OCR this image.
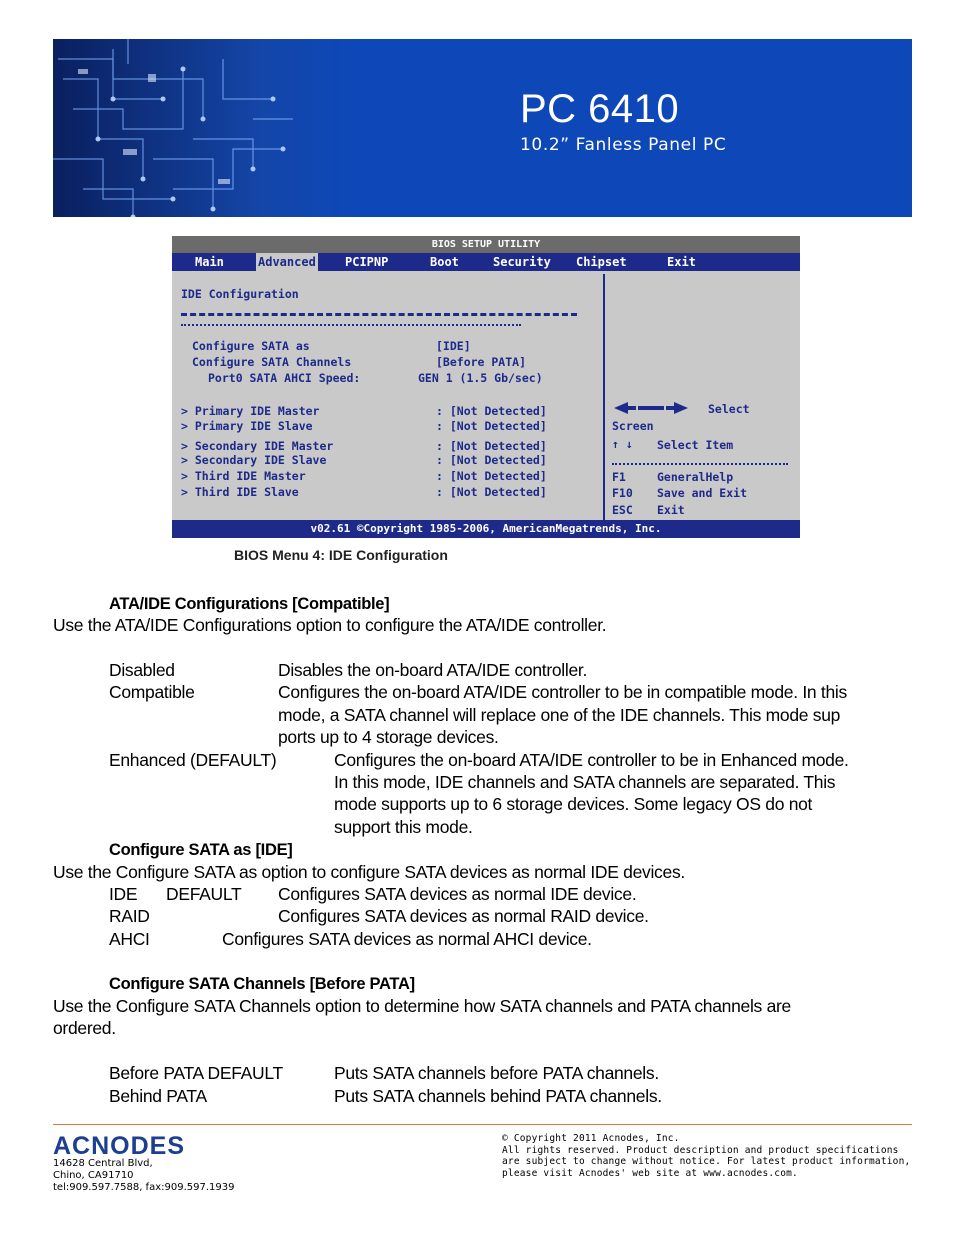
PC 6410
10.2” Fanless Panel PC
BIOS SETUP UTILITY
Main	Advanced PCIPNP	Boot	Security Chipset	Exit
IDE Configuration
Configure SATA as	[IDE]
Configure SATA Channels	[Before PATA]
Port0 SATA AHCI Speed:	GEN 1 (1.5 Gb/sec)
> Primary IDE Master	: [Not Detected]
> Primary IDE Slave	: [Not Detected]
> Secondary IDE Master	: [Not Detected]
> Secondary IDE Slave	: [Not Detected]
> Third IDE Master	: [Not Detected]
> Third IDE Slave	: [Not Detected]
Select
Screen
↑ ↓ Select Item
F1	GeneralHelp
F10 Save and Exit
ESC Exit
v02.61 ©Copyright 1985-2006, AmericanMegatrends, Inc.
BIOS Menu 4: IDE Configuration
ATA/IDE Configurations [Compatible]
Use the ATA/IDE Configurations option to configure the ATA/IDE controller.
Disabled	Disables the on-board ATA/IDE controller.
Compatible	Configures the on-board ATA/IDE controller to be in compatible mode. In this
mode, a SATA channel will replace one of the IDE channels. This mode sup
ports up to 4 storage devices.
Enhanced (DEFAULT)	Configures the on-board ATA/IDE controller to be in Enhanced mode.
In this mode, IDE channels and SATA channels are separated. This
mode supports up to 6 storage devices. Some legacy OS do not
support this mode.
Configure SATA as [IDE]
Use the Configure SATA as option to configure SATA devices as normal IDE devices.
IDE DEFAULT Configures SATA devices as normal IDE device.
RAID	Configures SATA devices as normal RAID device.
AHCI	Configures SATA devices as normal AHCI device.
Configure SATA Channels [Before PATA]
Use the Configure SATA Channels option to determine how SATA channels and PATA channels are
ordered.
Before PATA DEFAULT	Puts SATA channels before PATA channels.
Behind PATA	Puts SATA channels behind PATA channels.
ACNODES
14628 Central Blvd,
Chino, CA91710
tel:909.597.7588, fax:909.597.1939
© Copyright 2011 Acnodes, Inc.
All rights reserved. Product description and product specifications
are subject to change without notice. For latest product information,
please visit Acnodes' web site at www.acnodes.com.
